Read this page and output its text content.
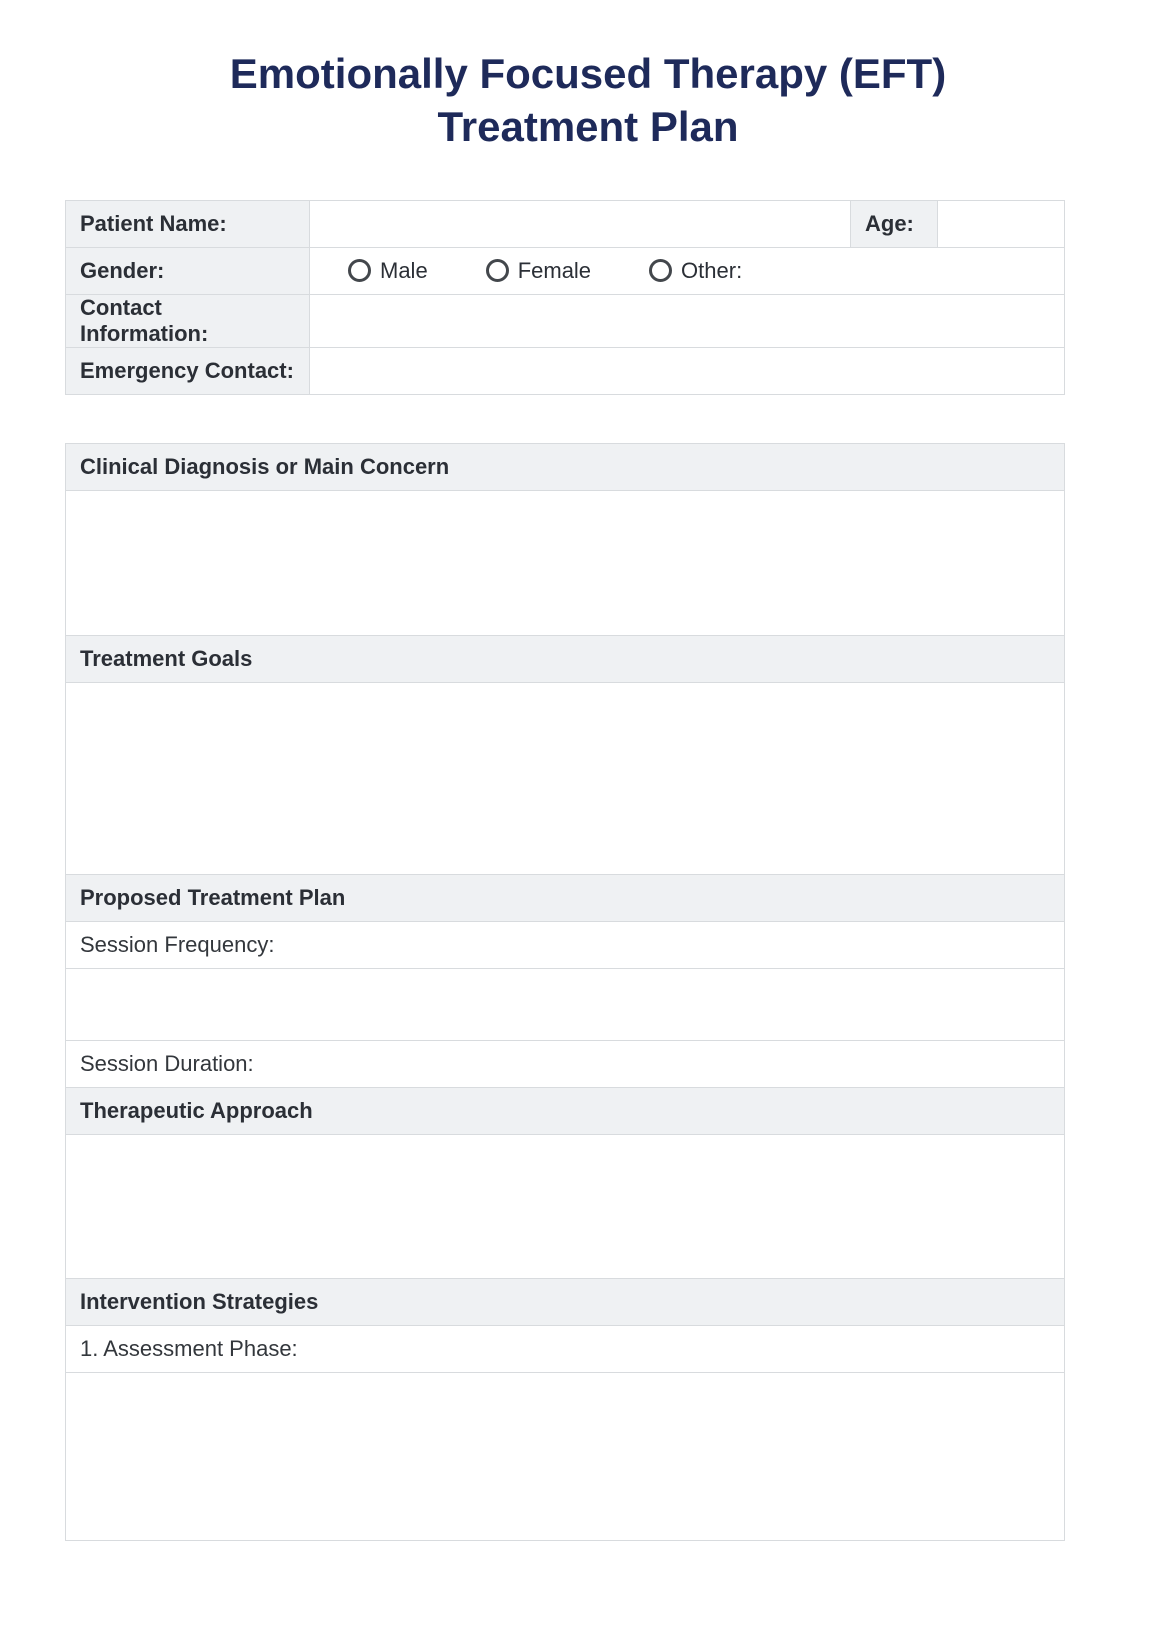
Emotionally Focused Therapy (EFT)
Treatment Plan
Patient Name:	Age:
Gender:	Male	Female	Other:
Contact Information:
Emergency Contact:
Clinical Diagnosis or Main Concern
Treatment Goals
Proposed Treatment Plan
Session Frequency:
Session Duration:
Therapeutic Approach
Intervention Strategies
1. Assessment Phase:
